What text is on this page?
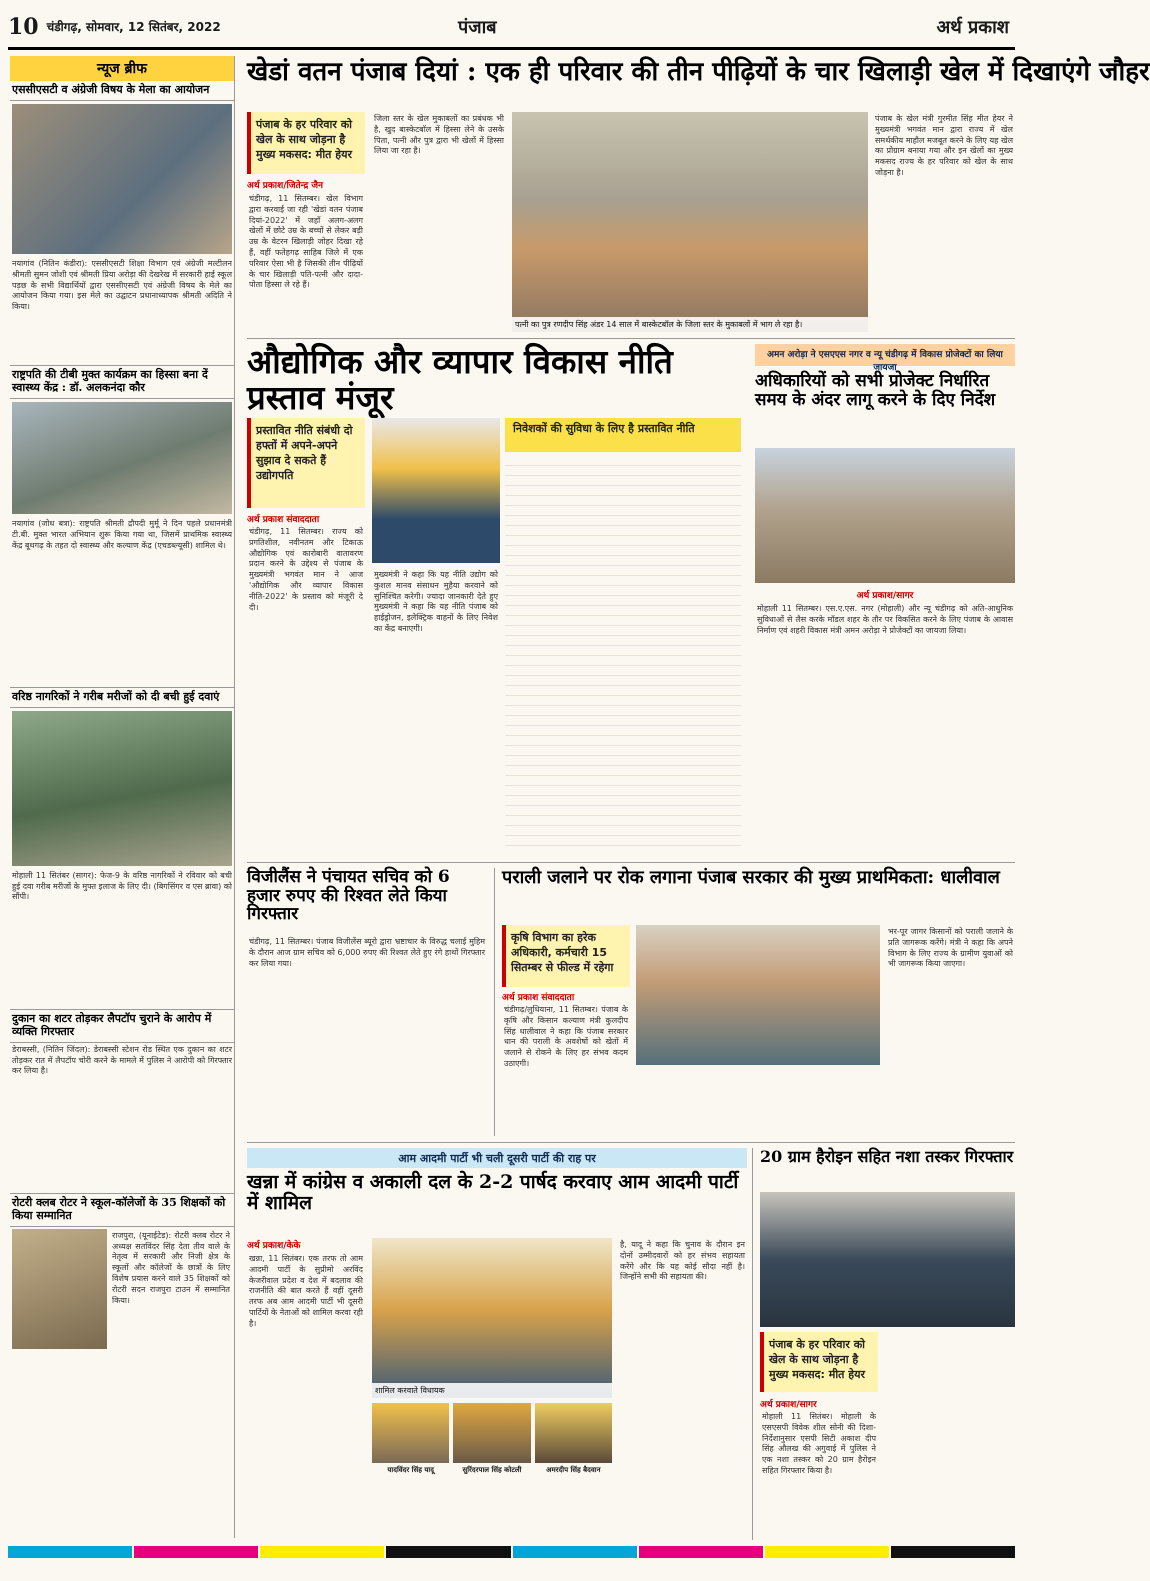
10 चंडीगढ़, सोमवार, 12 सितंबर, 2022	पंजाब	अर्थ प्रकाश
न्यूज ब्रीफ
एससीएसटी व अंग्रेजी विषय के मेला का आयोजन
नयागांव (नितिन कंडीरा): एससीएसटी शिक्षा विभाग एवं अंग्रेजी मल्टीलन श्रीमती सुमन जोशी एवं श्रीमती प्रिया अरोड़ा की देखरेख में सरकारी हाई स्कूल पड़छ के सभी विद्यार्थियों द्वारा एससीएसटी एवं अंग्रेजी विषय के मेले का आयोजन किया गया। इस मेले का उद्घाटन प्रधानाध्यापक श्रीमती अदिति ने किया।
राष्ट्रपति की टीबी मुक्त कार्यक्रम का हिस्सा बना दें स्वास्थ्य केंद्र : डॉ. अलकनंदा कौर
नयागांव (जोध बत्रा): राष्ट्रपति श्रीमती द्रौपदी मुर्मू ने दिन पहले प्रधानमंत्री टी.बी. मुक्त भारत अभियान शुरू किया गया था, जिसमें प्राथमिक स्वास्थ्य केंद्र बूथगढ़ के तहत दो स्वास्थ्य और कल्याण केंद्र (एचडब्ल्यूसी) शामिल थे।
वरिष्ठ नागरिकों ने गरीब मरीजों को दी बची हुई दवाएं
मोहाली 11 सितंबर (सागर): फेज-9 के वरिष्ठ नागरिकों ने रविवार को बची हुई दवा गरीब मरीजों के मुफ्त इलाज के लिए दी। (बिगसिंगर व एस ब्रावा) को सौंपी।
दुकान का शटर तोड़कर लैपटॉप चुराने के आरोप में व्यक्ति गिरफ्तार
डेराबस्सी, (नितिन जिंदल): डेराबस्सी स्टेशन रोड स्थित एक दुकान का शटर तोड़कर रात में लैपटॉप चोरी करने के मामले में पुलिस ने आरोपी को गिरफ्तार कर लिया है।
रोटरी क्लब रोटर ने स्कूल-कॉलेजों के 35 शिक्षकों को किया सम्मानित
राजपुरा, (यूनाईटेड): रोटरी क्लब रोटर ने अध्यक्ष सतविंदर सिंह देता तीव वाले के नेतृत्व में सरकारी और निजी क्षेत्र के स्कूलों और कॉलेजों के छात्रों के लिए विशेष प्रयास करने वाले 35 शिक्षकों को रोटरी सदन राजपुरा टाउन में सम्मानित किया।
खेडां वतन पंजाब दियां : एक ही परिवार की तीन पीढ़ियों के चार खिलाड़ी खेल में दिखाएंगे जौहर
पंजाब के हर परिवार को खेल के साथ जोड़ना है मुख्य मकसद: मीत हेयर
अर्थ प्रकाश/जितेन्द्र जैन
चंडीगढ़, 11 सितम्बर। खेल विभाग द्वारा करवाई जा रही 'खेडां वतन पंजाब दियां-2022' में जहाँ अलग-अलग खेलों में छोटे उम्र के बच्चों से लेकर बड़ी उम्र के वेटरन खिलाड़ी जोहर दिखा रहे हैं, वहीं फतेहगढ़ साहिब जिले में एक परिवार ऐसा भी है जिसकी तीन पीढ़ियों के चार खिलाड़ी पति-पत्नी और दादा-पोता हिस्सा ले रहे हैं।
जिला स्तर के खेल मुकाबलों का प्रबंधक भी है, खुद बास्केटबॉल में हिस्सा लेने के उसके पिता, पत्नी और पुत्र द्वारा भी खेलों में हिस्सा लिया जा रहा है।
पत्नी का पुत्र रणदीप सिंह अंडर 14 साल में बास्केटबॉल के जिला स्तर के मुकाबलों में भाग ले रहा है।
पंजाब के खेल मंत्री गुरमीत सिंह मीत हेयर ने मुख्यमंत्री भगवंत मान द्वारा राज्य में खेल समर्थकीय माहौल मजबूत करने के लिए यह खेल का प्रोग्राम बनाया गया और इन खेलों का मुख्य मकसद राज्य के हर परिवार को खेल के साथ जोड़ना है।
औद्योगिक और व्यापार विकास नीति प्रस्ताव मंजूर
प्रस्तावित नीति संबंधी दो हफ्तों में अपने-अपने सुझाव दे सकते हैं उद्योगपति
अर्थ प्रकाश संवाददाता
चंडीगढ़, 11 सितम्बर। राज्य को प्रगतिशील, नवीनतम और टिकाऊ औद्योगिक एवं कारोबारी वातावरण प्रदान करने के उद्देश्य से पंजाब के मुख्यमंत्री भगवंत मान ने आज 'औद्योगिक और व्यापार विकास नीति-2022' के प्रस्ताव को मंजूरी दे दी।
मुख्यमंत्री ने कहा कि यह नीति उद्योग को कुशल मानव संसाधन मुहैया करवाने को सुनिश्चित करेगी। ज्यादा जानकारी देते हुए मुख्यमंत्री ने कहा कि यह नीति पंजाब को हाईड्रोजन, इलेक्ट्रिक वाहनों के लिए निवेश का केंद्र बनाएगी।
निवेशकों की सुविधा के लिए है प्रस्तावित नीति
अमन अरोड़ा ने एसएएस नगर व न्यू चंडीगढ़ में विकास प्रोजेक्टों का लिया जायजा
अधिकारियों को सभी प्रोजेक्ट निर्धारित समय के अंदर लागू करने के दिए निर्देश
अर्थ प्रकाश/सागर
मोहाली 11 सितम्बर। एस.ए.एस. नगर (मोहाली) और न्यू चंडीगढ़ को अति-आधुनिक सुविधाओं से लैस करके मॉडल शहर के तौर पर विकसित करने के लिए पंजाब के आवास निर्माण एवं शहरी विकास मंत्री अमन अरोड़ा ने प्रोजेक्टों का जायजा लिया।
विजीलैंस ने पंचायत सचिव को 6 हजार रुपए की रिश्वत लेते किया गिरफ्तार
चंडीगढ़, 11 सितम्बर। पंजाब विजीलेंस ब्यूरो द्वारा भ्रष्टाचार के विरुद्ध चलाई मुहिम के दौरान आज ग्राम सचिव को 6,000 रुपए की रिश्वत लेते हुए रंगे हाथों गिरफ्तार कर लिया गया।
पराली जलाने पर रोक लगाना पंजाब सरकार की मुख्य प्राथमिकता: धालीवाल
कृषि विभाग का हरेक अधिकारी, कर्मचारी 15 सितम्बर से फील्ड में रहेगा
अर्थ प्रकाश संवाददाता
चंडीगढ़/लुधियाना, 11 सितम्बर। पंजाब के कृषि और किसान कल्याण मंत्री कुलदीप सिंह धालीवाल ने कहा कि पंजाब सरकार धान की पराली के अवशेषों को खेतों में जलाने से रोकने के लिए हर संभव कदम उठाएगी।
भर-पूर जागर किसानों को पराली जलाने के प्रति जागरूक करेंगे। मंत्री ने कहा कि अपने विभाग के लिए राज्य के ग्रामीण युवाओं को भी जागरूक किया जाएगा।
आम आदमी पार्टी भी चली दूसरी पार्टी की राह पर
खन्ना में कांग्रेस व अकाली दल के 2-2 पार्षद करवाए आम आदमी पार्टी में शामिल
अर्थ प्रकाश/केके
खन्ना, 11 सितंबर। एक तरफ तो आम आदमी पार्टी के सुप्रीमो अरविंद केजरीवाल प्रदेश व देश में बदलाव की राजनीति की बात करते हैं वहीं दूसरी तरफ अब आम आदमी पार्टी भी दूसरी पार्टियों के नेताओं को शामिल करवा रही है।
शामिल करवाते विधायक
यादविंदर सिंह यादू	सुरिंदरपाल सिंह कोटली	अमरदीप सिंह बैदवान
है, यादू ने कहा कि चुनाव के दौरान इन दोनों उम्मीदवारों को हर संभव सहायता करेंगे और कि यह कोई सौदा नहीं है। जिन्होंने सभी की सहायता की।
20 ग्राम हैरोइन सहित नशा तस्कर गिरफ्तार
पंजाब के हर परिवार को खेल के साथ जोड़ना है मुख्य मकसद: मीत हेयर
अर्थ प्रकाश/सागर
मोहाली 11 सितंबर। मोहाली के एसएसपी विवेक शील सोनी की दिशा-निर्देशानुसार एसपी सिटी अकाश दीप सिंह औलख की अगुवाई में पुलिस ने एक नशा तस्कर को 20 ग्राम हैरोइन सहित गिरफ्तार किया है।
